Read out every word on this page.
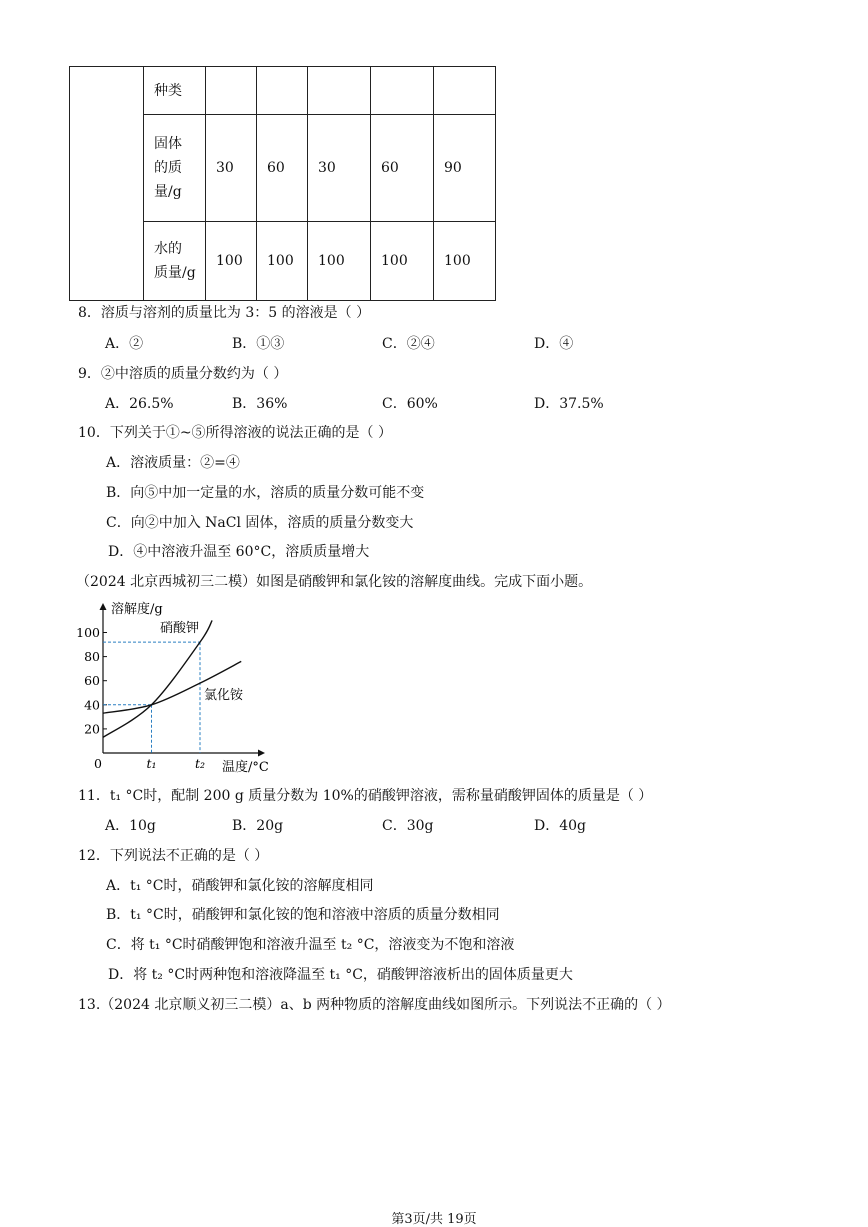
	种类					

	固体
的质
量/g	30	60	30	60	90

	水的
质量/g	100	100	100	100	100
8．溶质与溶剂的质量比为 3：5 的溶液是（ ）
A．②	B．①③	C．②④	D．④
9．②中溶质的质量分数约为（ ）
A．26.5%	B．36%	C．60%	D．37.5%
10．下列关于①~⑤所得溶液的说法正确的是（ ）
A．溶液质量：②=④
B．向⑤中加一定量的水，溶质的质量分数可能不变
C．向②中加入 NaCl 固体，溶质的质量分数变大
D．④中溶液升温至 60°C，溶质质量增大
（2024 北京西城初三二模）如图是硝酸钾和氯化铵的溶解度曲线。完成下面小题。
溶解度/g
温度/°C
100
80
60
40
20
0	t₁	t₂
硝酸钾
氯化铵
11．t₁ °C时，配制 200 g 质量分数为 10%的硝酸钾溶液，需称量硝酸钾固体的质量是（ ）
A．10g	B．20g	C．30g	D．40g
12．下列说法不正确的是（ ）
A．t₁ °C时，硝酸钾和氯化铵的溶解度相同
B．t₁ °C时，硝酸钾和氯化铵的饱和溶液中溶质的质量分数相同
C．将 t₁ °C时硝酸钾饱和溶液升温至 t₂ °C，溶液变为不饱和溶液
D．将 t₂ °C时两种饱和溶液降温至 t₁ °C，硝酸钾溶液析出的固体质量更大
13.（2024 北京顺义初三二模）a、b 两种物质的溶解度曲线如图所示。下列说法不正确的（ ）
第3页/共 19页
